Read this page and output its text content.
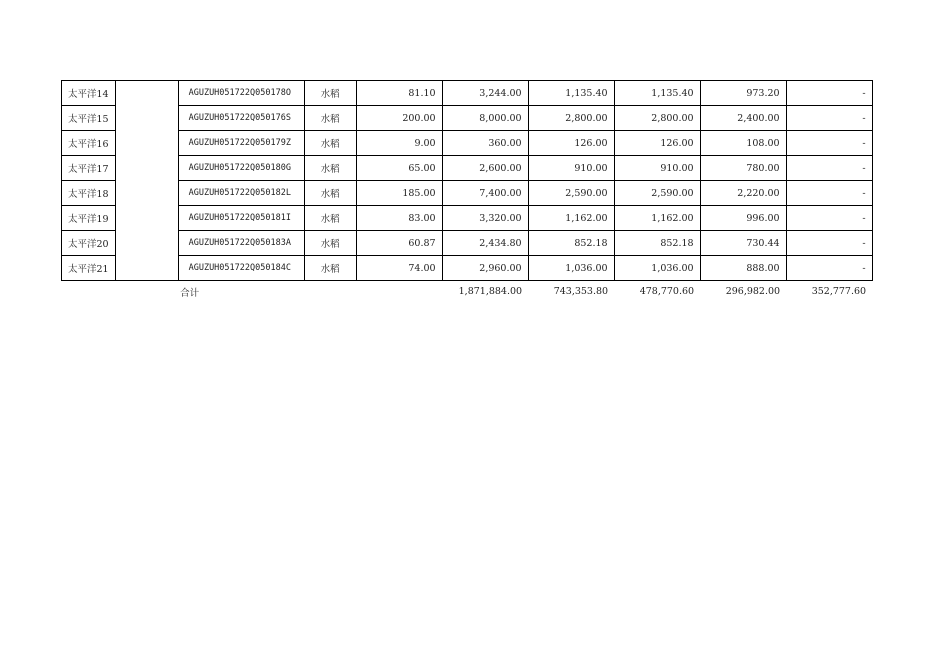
太平洋14		AGUZUH051722Q050178O	水稻	81.10	3,244.00	1,135.40	1,135.40	973.20	-
太平洋15		AGUZUH051722Q050176S	水稻	200.00	8,000.00	2,800.00	2,800.00	2,400.00	-
太平洋16		AGUZUH051722Q050179Z	水稻	9.00	360.00	126.00	126.00	108.00	-
太平洋17		AGUZUH051722Q050180G	水稻	65.00	2,600.00	910.00	910.00	780.00	-
太平洋18		AGUZUH051722Q050182L	水稻	185.00	7,400.00	2,590.00	2,590.00	2,220.00	-
太平洋19		AGUZUH051722Q050181I	水稻	83.00	3,320.00	1,162.00	1,162.00	996.00	-
太平洋20		AGUZUH051722Q050183A	水稻	60.87	2,434.80	852.18	852.18	730.44	-
太平洋21		AGUZUH051722Q050184C	水稻	74.00	2,960.00	1,036.00	1,036.00	888.00	-
		合计			1,871,884.00	743,353.80	478,770.60	296,982.00	352,777.60
